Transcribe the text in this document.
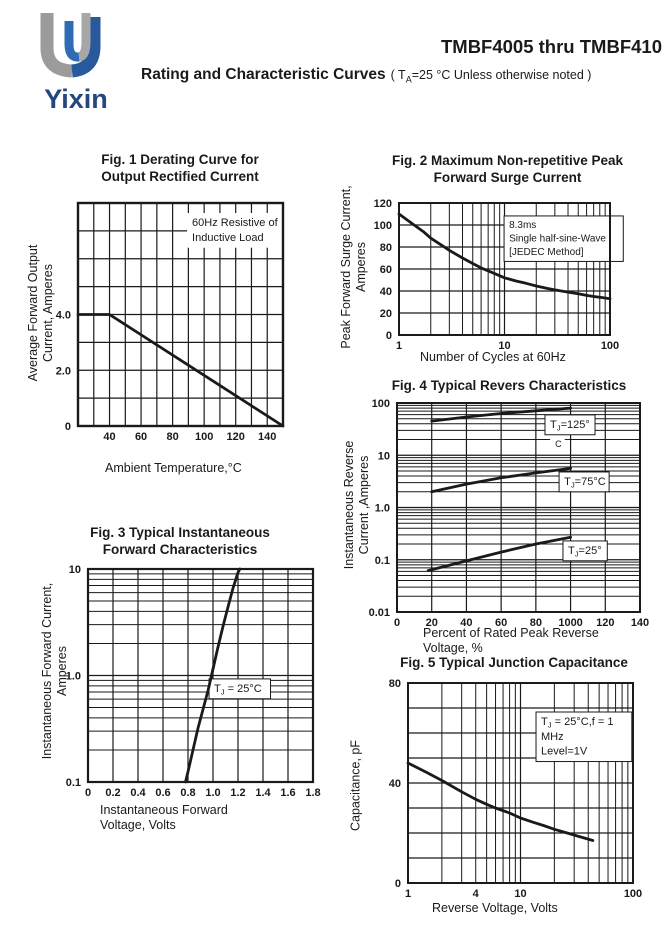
Yixin
TMBF4005 thru TMBF410
Rating and Characteristic Curves ( $T_A=25$ °C Unless otherwise noted )
Fig. 1 Derating Curve for
Output Rectified Current
Average Forward Output Current, Amperes
60Hz Resistive of
Inductive Load
40 60 80 100 120 140
4.0
2.0
0
Ambient Temperature,°C
Fig. 2 Maximum Non-repetitive Peak
Forward Surge Current
Peak Forward Surge Current, Amperes
8.3ms
Single half-sine-Wave
[JEDEC Method]
1	10	100
120
100
80
60
40
20
0
Number of Cycles at 60Hz
Fig. 3 Typical Instantaneous
Forward Characteristics
Instantaneous Forward Current, Amperes	$T_J = 25^\circ C$
0 0.2 0.4 0.6 0.8 1.0 1.2 1.4 1.6 1.8
10
1.0
0.1
Instantaneous Forward
Voltage, Volts
Fig. 4 Typical Revers Characteristics
Instantaneous Reverse Current ,Amperes
$T_J=125^\circ$
C
$T_J=75^\circ C$
$T_J=25^\circ$
0 20 40 60 80 1000 120 140
100
10
1.0
0.1
0.01
Percent of Rated Peak Reverse
Voltage, %
Fig. 5 Typical Junction Capacitance
Capacitance, pF
$T_J = 25^\circ C,f = 1$
MHz
Level=1V
1	4	10	100
80
40
0
Reverse Voltage, Volts
